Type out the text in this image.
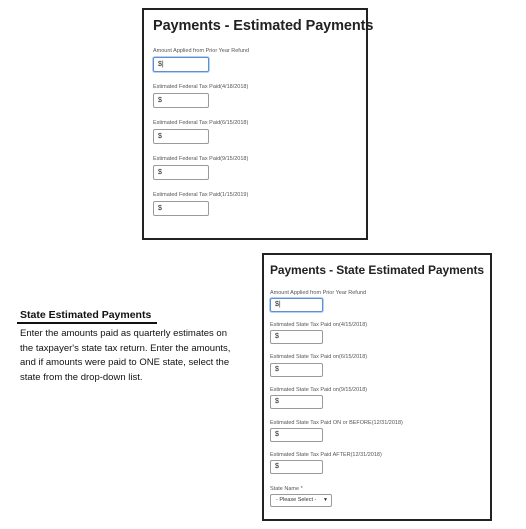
Payments - Estimated Payments
Amount Applied from Prior Year Refund
$|
Estimated Federal Tax Paid(4/18/2018)
$
Estimated Federal Tax Paid(6/15/2018)
$
Estimated Federal Tax Paid(9/15/2018)
$
Estimated Federal Tax Paid(1/15/2019)
$
State Estimated Payments
Enter the amounts paid as quarterly estimates on the taxpayer's state tax return. Enter the amounts, and if amounts were paid to ONE state, select the state from the drop-down list.
Payments - State Estimated Payments
Amount Applied from Prior Year Refund
$|
Estimated State Tax Paid on(4/15/2018)
$
Estimated State Tax Paid on(6/15/2018)
$
Estimated State Tax Paid on(9/15/2018)
$
Estimated State Tax Paid ON or BEFORE(12/31/2018)
$
Estimated State Tax Paid AFTER(12/31/2018)
$
State Name *
- Please Select - ▼
